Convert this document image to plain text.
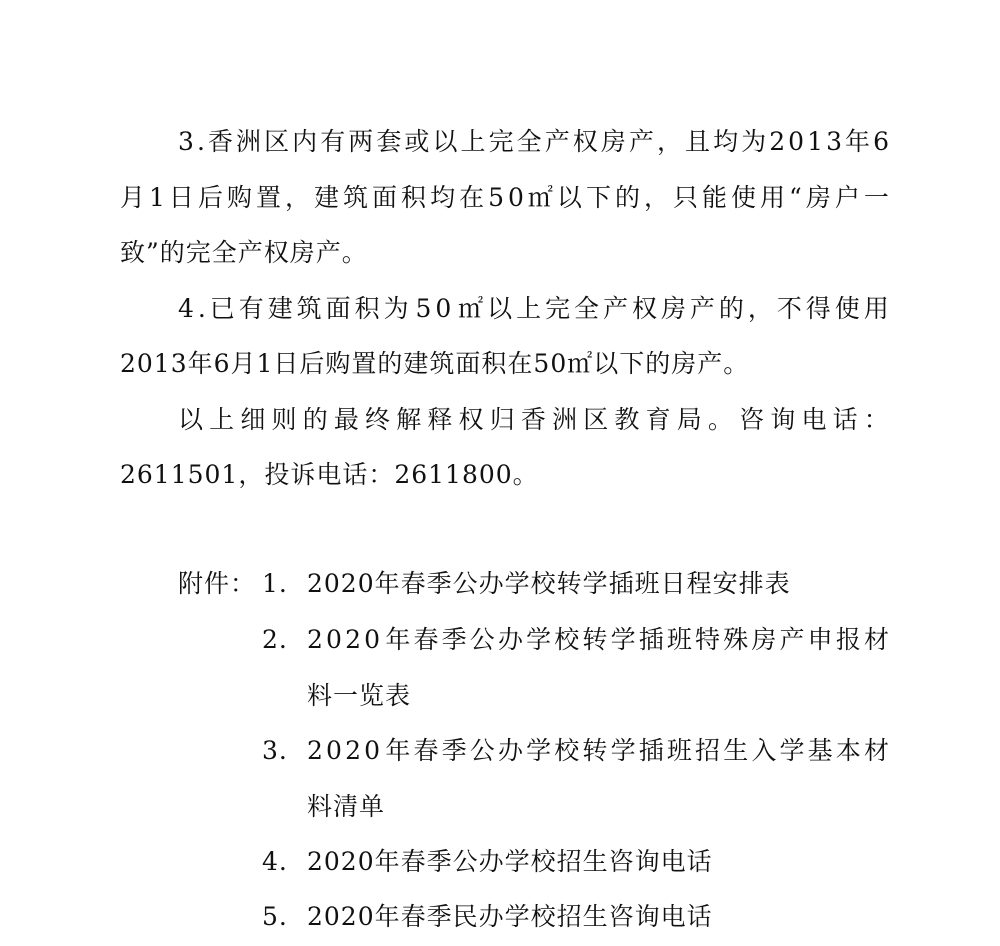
3 . 香 洲 区 内 有 两 套 或 以 上 完 全 产 权 房 产 ， 且 均 为 2 0 1 3 年 6
月 1 日 后 购 置 ， 建 筑 面 积 均 在 5 0 ㎡ 以 下 的 ， 只 能 使 用 “ 房 户 一
致”的完全产权房产。
4 . 已 有 建 筑 面 积 为 5 0 ㎡ 以 上 完 全 产 权 房 产 的 ， 不 得 使 用
2013年6月1日后购置的建筑面积在50㎡以下的房产。
以 上 细 则 的 最 终 解 释 权 归 香 洲 区 教 育 局 。 咨 询 电 话 ：
2611501，投诉电话：2611800。
附件： 1. 2020年春季公办学校转学插班日程安排表
2. 2 0 2 0 年 春 季 公 办 学 校 转 学 插 班 特 殊 房 产 申 报 材
料一览表
3. 2 0 2 0 年 春 季 公 办 学 校 转 学 插 班 招 生 入 学 基 本 材
料清单
4. 2020年春季公办学校招生咨询电话
5. 2020年春季民办学校招生咨询电话
